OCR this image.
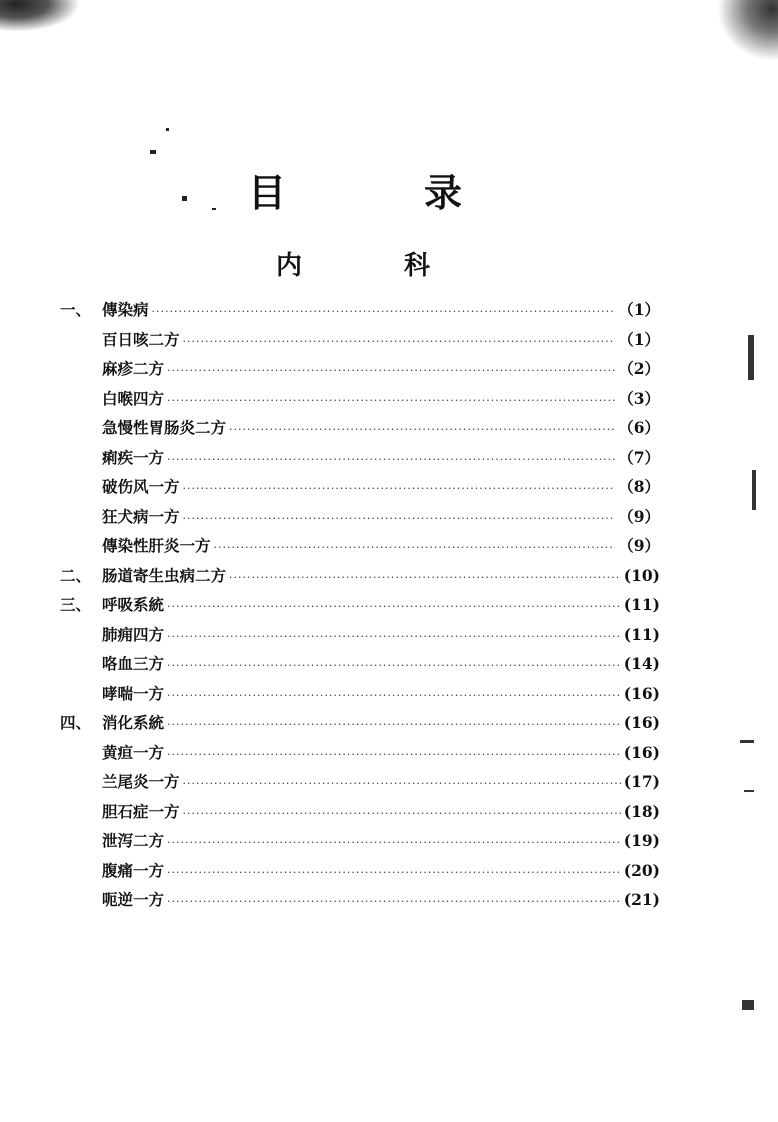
目	录
内	科
一、 傳染病 ·····	（1）
百日咳二方 ·····	（1）
麻疹二方 ·····	（2）
白喉四方 ·····	（3）
急慢性胃肠炎二方 ·····	（6）
痢疾一方 ·····	（7）
破伤风一方 ·····	（8）
狂犬病一方 ·····	（9）
傳染性肝炎一方 ·····	（9）
二、 肠道寄生虫病二方 ·····	(10)
三、 呼吸系統 ·····	(11)
肺痈四方 ·····	(11)
咯血三方 ·····	(14)
哮喘一方 ·····	(16)
四、 消化系統 ·····	(16)
黄疸一方 ·····	(16)
兰尾炎一方 ·····	(17)
胆石症一方 ·····	(18)
泄泻二方 ·····	(19)
腹痛一方 ·····	(20)
呃逆一方 ·····	(21)
